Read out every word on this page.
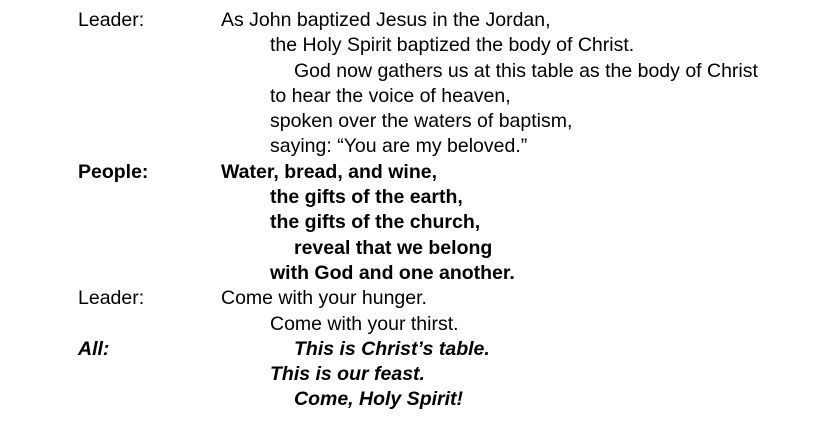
Leader:	As John baptized Jesus in the Jordan,
the Holy Spirit baptized the body of Christ.
God now gathers us at this table as the body of Christ
to hear the voice of heaven,
spoken over the waters of baptism,
saying: “You are my beloved.”
People:	Water, bread, and wine,
the gifts of the earth,
the gifts of the church,
reveal that we belong
with God and one another.
Leader:	Come with your hunger.
Come with your thirst.
All:	This is Christ’s table.
This is our feast.
Come, Holy Spirit!
